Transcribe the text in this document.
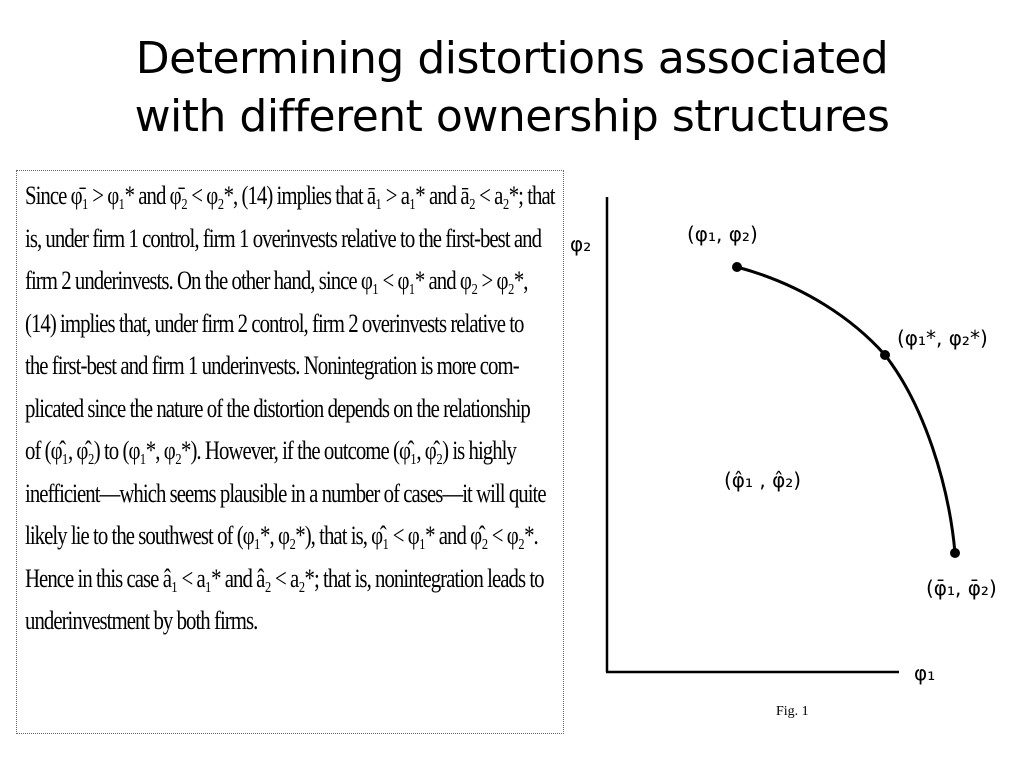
Determining distortions associated
with different ownership structures
Since φ̄₁ > φ₁* and φ̄₂ < φ₂*, (14) implies that ā₁ > a₁* and ā₂ < a₂*; that
is, under firm 1 control, firm 1 overinvests relative to the first-best and
firm 2 underinvests. On the other hand, since φ₁ < φ₁* and φ₂ > φ₂*,
(14) implies that, under firm 2 control, firm 2 overinvests relative to
the first-best and firm 1 underinvests. Nonintegration is more com-
plicated since the nature of the distortion depends on the relationship
of (φ̂₁, φ̂₂) to (φ₁*, φ₂*). However, if the outcome (φ̂₁, φ̂₂) is highly
inefficient—which seems plausible in a number of cases—it will quite
likely lie to the southwest of (φ₁*, φ₂*), that is, φ̂₁ < φ₁* and φ̂₂ < φ₂*.
Hence in this case â₁ < a₁* and â₂ < a₂*; that is, nonintegration leads to
underinvestment by both firms.
φ₂
φ₁
(φ₁, φ₂)
(φ₁*, φ₂*)
(φ̂₁ , φ̂₂)
(φ̄₁, φ̄₂)
Fig. 1
